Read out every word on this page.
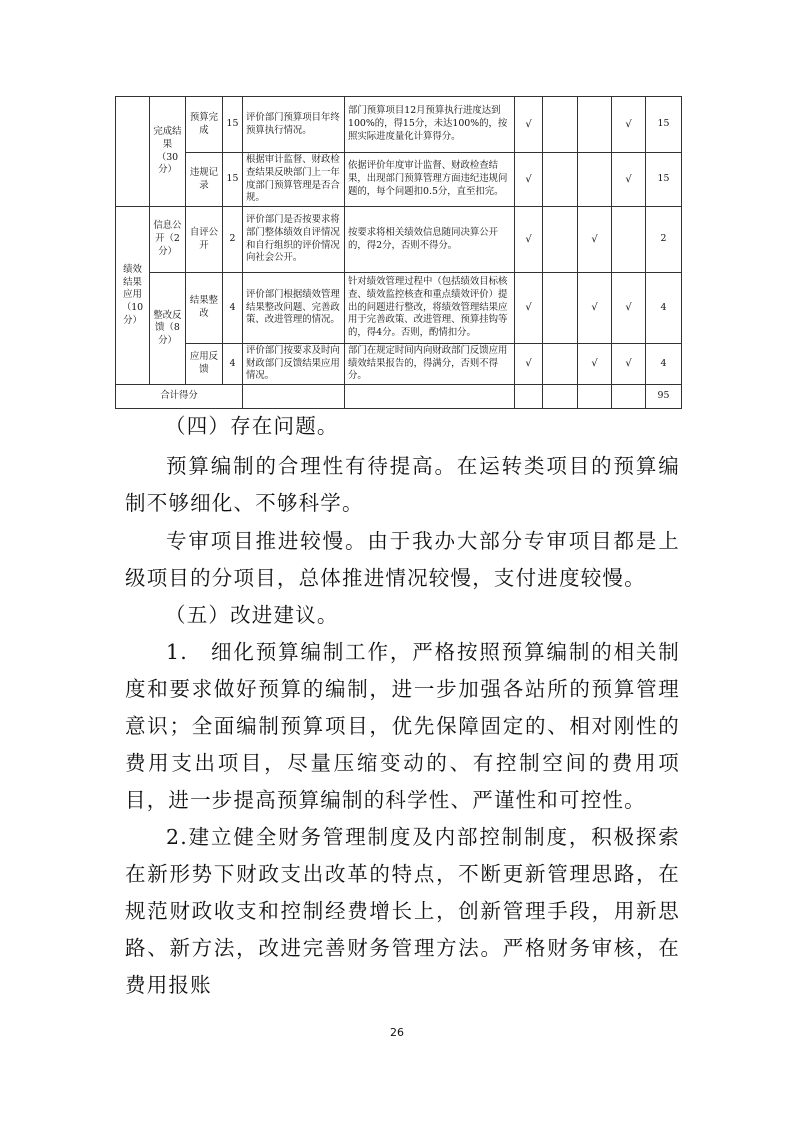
	完成结果（30分）	预算完成	15	评价部门预算项目年终预算执行情况。	部门预算项目12月预算执行进度达到100%的，得15分，未达100%的，按照实际进度量化计算得分。	√			√	15
		违规记录	15	根据审计监督、财政检查结果反映部门上一年度部门预算管理是否合规。	依据评价年度审计监督、财政检查结果，出现部门预算管理方面违纪违规问题的，每个问题扣0.5分，直至扣完。	√			√	15
绩效结果应用（10分）	信息公开（2分）	自评公开	2	评价部门是否按要求将部门整体绩效自评情况和自行组织的评价情况向社会公开。	按要求将相关绩效信息随同决算公开的，得2分，否则不得分。	√		√		2
	整改反馈（8分）	结果整改	4	评价部门根据绩效管理结果整改问题、完善政策、改进管理的情况。	针对绩效管理过程中（包括绩效目标核查、绩效监控核查和重点绩效评价）提出的问题进行整改，将绩效管理结果应用于完善政策、改进管理、预算挂钩等的，得4分。否则，酌情扣分。	√		√	√	4
		应用反馈	4	评价部门按要求及时向财政部门反馈结果应用情况。	部门在规定时间内向财政部门反馈应用绩效结果报告的，得满分，否则不得分。	√		√	√	4
合计得分										95

（四）存在问题。

预算编制的合理性有待提高。在运转类项目的预算编制不够细化、不够科学。

专审项目推进较慢。由于我办大部分专审项目都是上级项目的分项目，总体推进情况较慢，支付进度较慢。

（五）改进建议。

1.　细化预算编制工作，严格按照预算编制的相关制度和要求做好预算的编制，进一步加强各站所的预算管理意识；全面编制预算项目，优先保障固定的、相对刚性的费用支出项目，尽量压缩变动的、有控制空间的费用项目，进一步提高预算编制的科学性、严谨性和可控性。

2.建立健全财务管理制度及内部控制制度，积极探索在新形势下财政支出改革的特点，不断更新管理思路，在规范财政收支和控制经费增长上，创新管理手段，用新思路、新方法，改进完善财务管理方法。严格财务审核，在费用报账

26
